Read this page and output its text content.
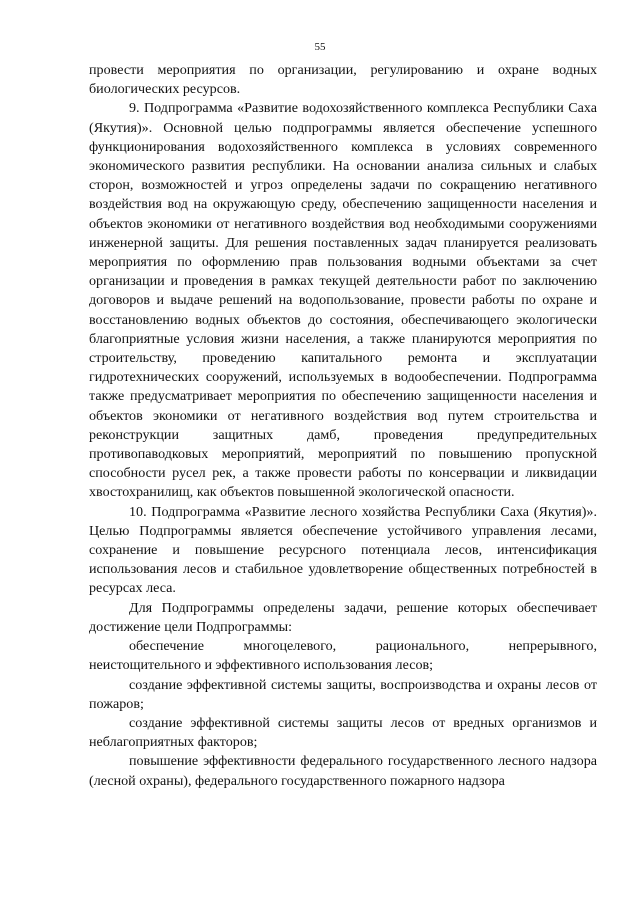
55

провести мероприятия по организации, регулированию и охране водных биологических ресурсов.

9. Подпрограмма «Развитие водохозяйственного комплекса Республики Саха (Якутия)». Основной целью подпрограммы является обеспечение успешного функционирования водохозяйственного комплекса в условиях современного экономического развития республики. На основании анализа сильных и слабых сторон, возможностей и угроз определены задачи по сокращению негативного воздействия вод на окружающую среду, обеспечению защищенности населения и объектов экономики от негативного воздействия вод необходимыми сооружениями инженерной защиты. Для решения поставленных задач планируется реализовать мероприятия по оформлению прав пользования водными объектами за счет организации и проведения в рамках текущей деятельности работ по заключению договоров и выдаче решений на водопользование, провести работы по охране и восстановлению водных объектов до состояния, обеспечивающего экологически благоприятные условия жизни населения, а также планируются мероприятия по строительству, проведению капитального ремонта и эксплуатации гидротехнических сооружений, используемых в водообеспечении. Подпрограмма также предусматривает мероприятия по обеспечению защищенности населения и объектов экономики от негативного воздействия вод путем строительства и реконструкции защитных дамб, проведения предупредительных противопаводковых мероприятий, мероприятий по повышению пропускной способности русел рек, а также провести работы по консервации и ликвидации хвостохранилищ, как объектов повышенной экологической опасности.

10. Подпрограмма «Развитие лесного хозяйства Республики Саха (Якутия)». Целью Подпрограммы является обеспечение устойчивого управления лесами, сохранение и повышение ресурсного потенциала лесов, интенсификация использования лесов и стабильное удовлетворение общественных потребностей в ресурсах леса.

Для Подпрограммы определены задачи, решение которых обеспечивает достижение цели Подпрограммы:

обеспечение многоцелевого, рационального, непрерывного, неистощительного и эффективного использования лесов;

создание эффективной системы защиты, воспроизводства и охраны лесов от пожаров;

создание эффективной системы защиты лесов от вредных организмов и неблагоприятных факторов;

повышение эффективности федерального государственного лесного надзора (лесной охраны), федерального государственного пожарного надзора
